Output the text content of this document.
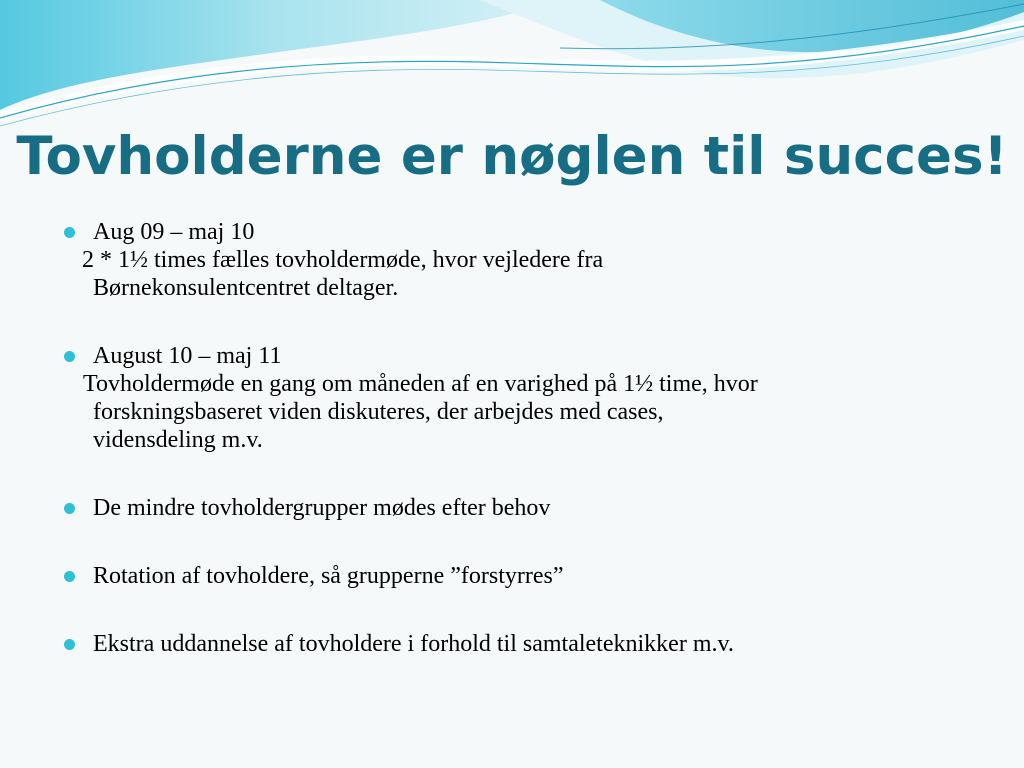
Tovholderne er nøglen til succes!
Aug 09 – maj 10
2 * 1½ times fælles tovholdermøde, hvor vejledere fra
Børnekonsulentcentret deltager.
August 10 – maj 11
Tovholdermøde en gang om måneden af en varighed på 1½ time, hvor
forskningsbaseret viden diskuteres, der arbejdes med cases,
vidensdeling m.v.
De mindre tovholdergrupper mødes efter behov
Rotation af tovholdere, så grupperne ”forstyrres”
Ekstra uddannelse af tovholdere i forhold til samtaleteknikker m.v.
